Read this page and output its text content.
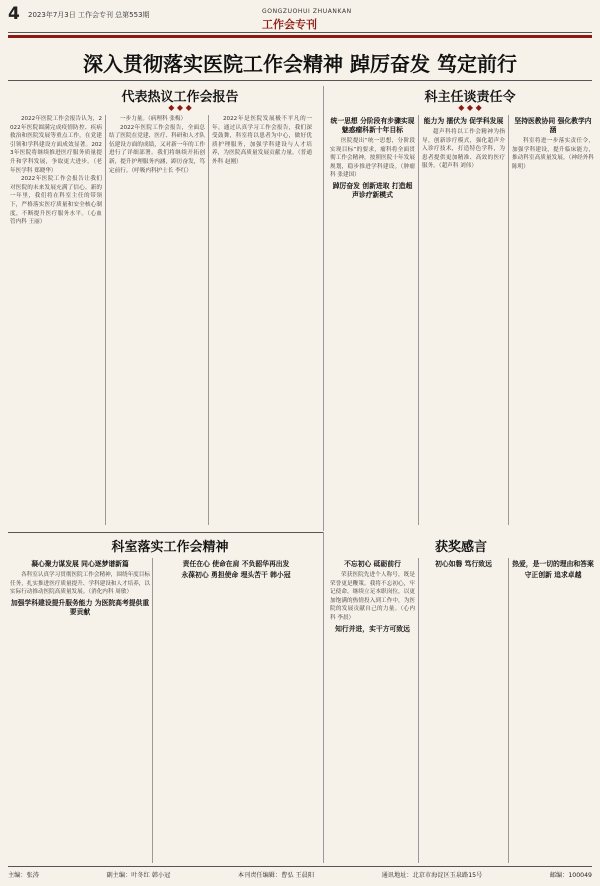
4 2023年7月3日 工作会专刊 总第553期	GONGZUOHUI ZHUANKAN
工作会专刊
深入贯彻落实医院工作会精神 踔厉奋发 笃定前行
代表热议工作会报告
◆ ◆ ◆
科主任谈责任令
◆ ◆ ◆

2022年医院工作会报告认为，2022年医院圆满完成疫情防控、疾病救治和医院发展等重点工作，在党建引领和学科建设方面成效显著。2023年医院将继续推进医疗服务质量提升和学科发展，争取更大进步。（老年医学科 郑晓华）

2022年医院工作会报告让我们对医院的未来发展充满了信心。新的一年里，我们将在科室主任的带领下，严格落实医疗质量和安全核心制度，不断提升医疗服务水平。（心血管内科 王丽）

一步力量。（病理科 张梅）

2022年医院工作会报告，全面总结了医院在党建、医疗、科研和人才队伍建设方面的成绩，又对新一年的工作进行了详细部署。我们将继续开拓创新，提升护理服务内涵，踔厉奋发，笃定前行。（呼吸内科护士长 李红）

2022年是医院发展极不平凡的一年。通过认真学习工作会报告，我们深受鼓舞，科室将以患者为中心，做好优质护理服务，加强学科建设与人才培养，为医院高质量发展贡献力量。（普通外科 赵刚）

统一思想 分阶段有步骤实现魅惑瘤科新十年目标

医院提出“统一思想，分阶段实现目标”的要求，瘤科将全面贯彻工作会精神，按照医院十年发展规划，稳步推进学科建设。（肿瘤科 张建国）

踔厉奋发 创新进取 打造超声诊疗新模式
能力为 擂伏为 促学科发展

超声科将以工作会精神为指导，创新诊疗模式，强化超声介入诊疗技术，打造特色学科，为患者提供更加精准、高效的医疗服务。（超声科 刘伟）

坚持医教协同 强化教学内涵

科室将进一步落实责任令，加强学科建设，提升临床能力，推动科室高质量发展。（神经外科 陈明）

科室落实工作会精神
凝心聚力谋发展 同心逐梦谱新篇

各科室认真学习贯彻医院工作会精神，围绕年度目标任务，扎实推进医疗质量提升、学科建设和人才培养，以实际行动推动医院高质量发展。（消化内科 周敏）

加强学科建设提升服务能力 为医院高考提供重要贡献
责任在心 使命在肩 不负韶华再出发
永葆初心 勇担使命 埋头苦干 韩小冠
获奖感言
不忘初心 砥砺前行

荣获医院先进个人称号，既是荣誉更是鞭策。我将不忘初心，牢记使命，继续立足本职岗位，以更加饱满的热情投入到工作中，为医院的发展贡献自己的力量。（心内科 李晨）

知行并进，实干方可致远
初心如磐 笃行致远	热爱，是一切的理由和答案
守正创新 追求卓越
主编：张涛	副主编：叶冬红 韩小冠	本刊责任编辑：曹弘 王晨阳	通讯地址：北京市海淀区玉泉路15号	邮编：100049
